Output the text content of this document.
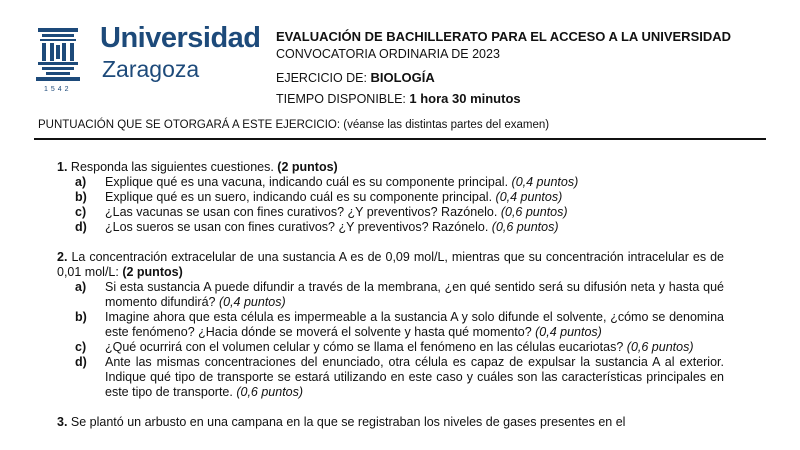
1542
Universidad
Zaragoza
EVALUACIÓN DE BACHILLERATO PARA EL ACCESO A LA UNIVERSIDAD
CONVOCATORIA ORDINARIA DE 2023
EJERCICIO DE: BIOLOGÍA
TIEMPO DISPONIBLE: 1 hora 30 minutos
PUNTUACIÓN QUE SE OTORGARÁ A ESTE EJERCICIO: (véanse las distintas partes del examen)
1. Responda las siguientes cuestiones. (2 puntos)
a)	Explique qué es una vacuna, indicando cuál es su componente principal. (0,4 puntos)
b)	Explique qué es un suero, indicando cuál es su componente principal. (0,4 puntos)
c)	¿Las vacunas se usan con fines curativos? ¿Y preventivos? Razónelo. (0,6 puntos)
d)	¿Los sueros se usan con fines curativos? ¿Y preventivos? Razónelo. (0,6 puntos)
2. La concentración extracelular de una sustancia A es de 0,09 mol/L, mientras que su concentración intracelular es de 0,01 mol/L: (2 puntos)
a)	Si esta sustancia A puede difundir a través de la membrana, ¿en qué sentido será su difusión neta y hasta qué momento difundirá? (0,4 puntos)
b)	Imagine ahora que esta célula es impermeable a la sustancia A y solo difunde el solvente, ¿cómo se denomina este fenómeno? ¿Hacia dónde se moverá el solvente y hasta qué momento? (0,4 puntos)
c)	¿Qué ocurrirá con el volumen celular y cómo se llama el fenómeno en las células eucariotas? (0,6 puntos)
d)	Ante las mismas concentraciones del enunciado, otra célula es capaz de expulsar la sustancia A al exterior. Indique qué tipo de transporte se estará utilizando en este caso y cuáles son las características principales en este tipo de transporte. (0,6 puntos)
3. Se plantó un arbusto en una campana en la que se registraban los niveles de gases presentes en el
